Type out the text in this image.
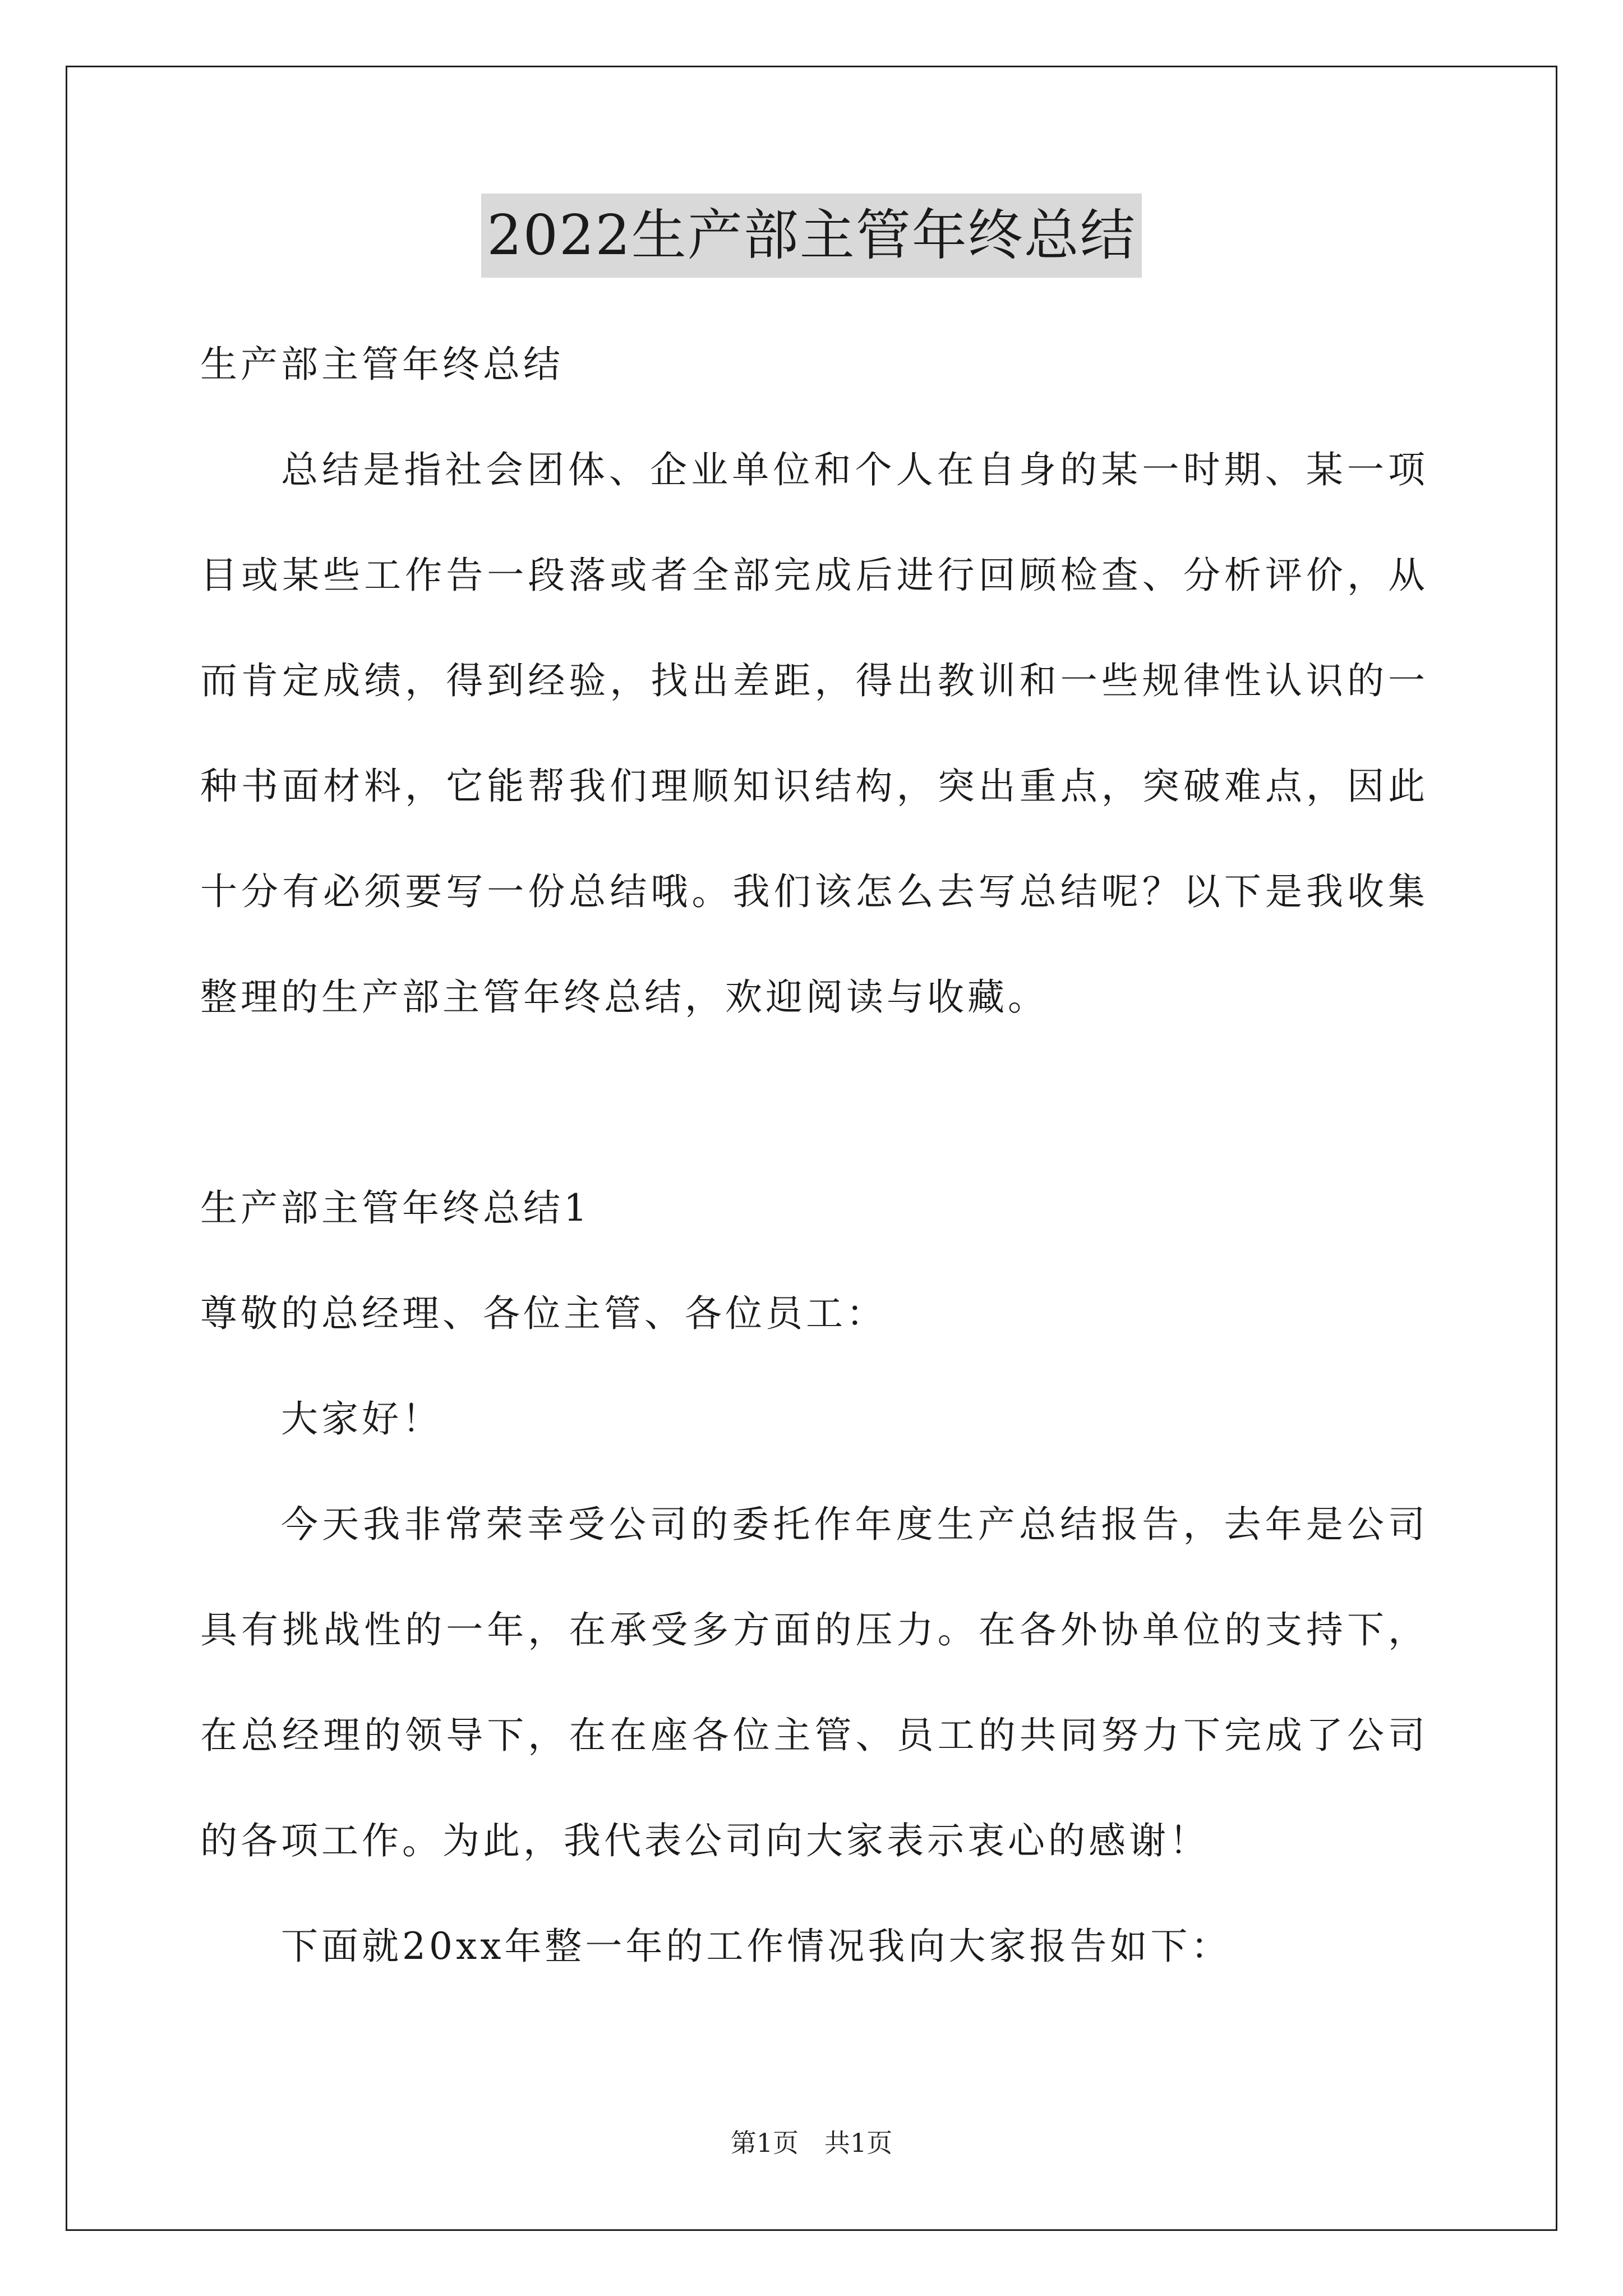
2022生产部主管年终总结
生产部主管年终总结
总结是指社会团体、企业单位和个人在自身的某一时期、某一项
目或某些工作告一段落或者全部完成后进行回顾检查、分析评价，从
而肯定成绩，得到经验，找出差距，得出教训和一些规律性认识的一
种书面材料，它能帮我们理顺知识结构，突出重点，突破难点，因此
十分有必须要写一份总结哦。我们该怎么去写总结呢？以下是我收集
整理的生产部主管年终总结，欢迎阅读与收藏。
生产部主管年终总结1
尊敬的总经理、各位主管、各位员工：
大家好！
今天我非常荣幸受公司的委托作年度生产总结报告，去年是公司
具有挑战性的一年，在承受多方面的压力。在各外协单位的支持下，
在总经理的领导下，在在座各位主管、员工的共同努力下完成了公司
的各项工作。为此，我代表公司向大家表示衷心的感谢！
下面就20xx年整一年的工作情况我向大家报告如下：
第1页　共1页
